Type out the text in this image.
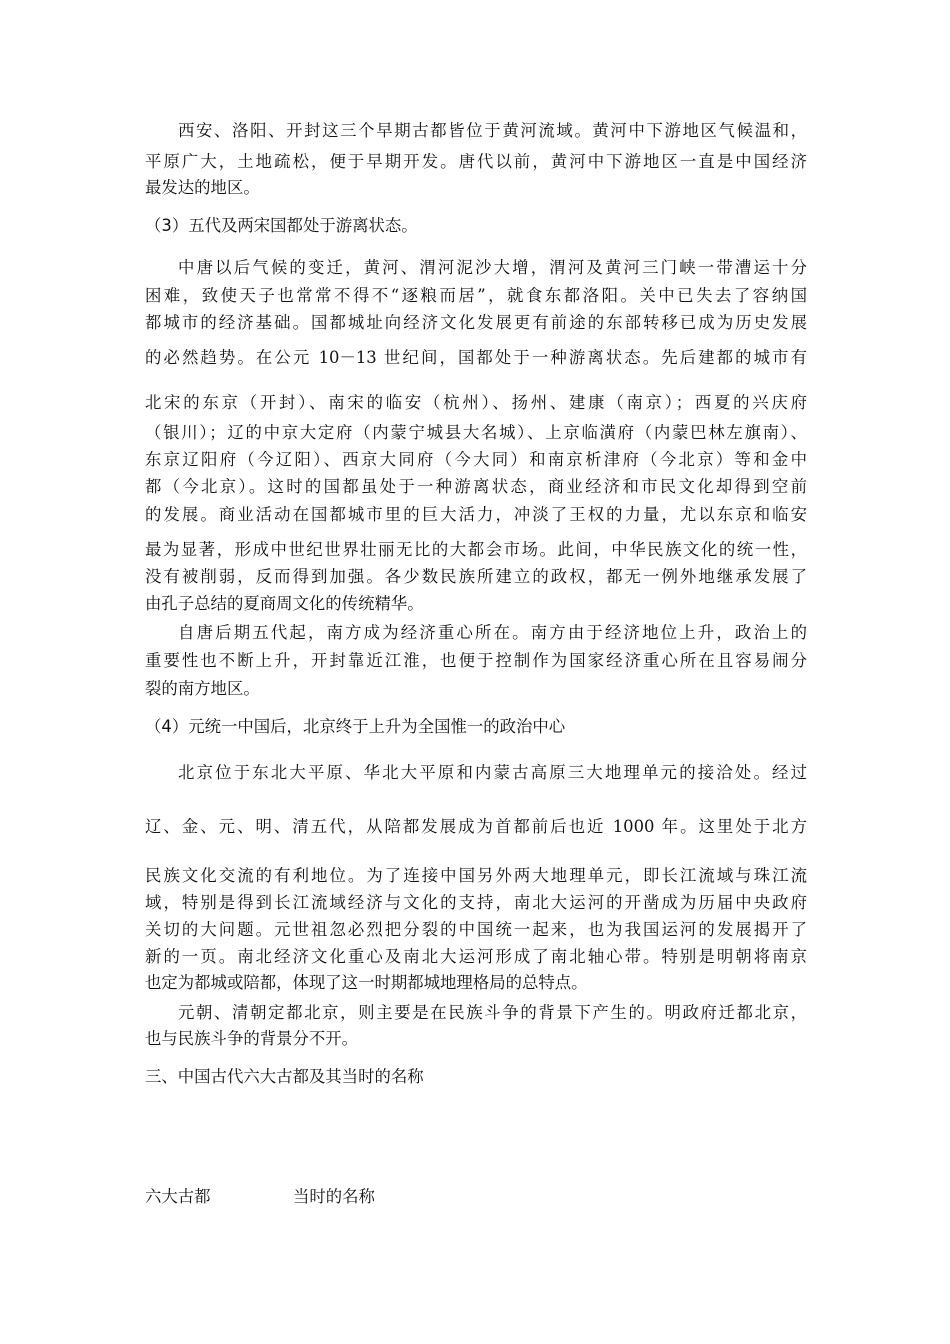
西安、洛阳、开封这三个早期古都皆位于黄河流域。黄河中下游地区气候温和，
平原广大，土地疏松，便于早期开发。唐代以前，黄河中下游地区一直是中国经济
最发达的地区。
（3）五代及两宋国都处于游离状态。
中唐以后气候的变迁，黄河、渭河泥沙大增，渭河及黄河三门峡一带漕运十分
困难，致使天子也常常不得不“逐粮而居”，就食东都洛阳。关中已失去了容纳国
都城市的经济基础。国都城址向经济文化发展更有前途的东部转移已成为历史发展
的必然趋势。在公元 10－13 世纪间，国都处于一种游离状态。先后建都的城市有
北宋的东京（开封）、南宋的临安（杭州）、扬州、建康（南京）；西夏的兴庆府
（银川）；辽的中京大定府（内蒙宁城县大名城）、上京临潢府（内蒙巴林左旗南）、
东京辽阳府（今辽阳）、西京大同府（今大同）和南京析津府（今北京）等和金中
都（今北京）。这时的国都虽处于一种游离状态，商业经济和市民文化却得到空前
的发展。商业活动在国都城市里的巨大活力，冲淡了王权的力量，尤以东京和临安
最为显著，形成中世纪世界壮丽无比的大都会市场。此间，中华民族文化的统一性，
没有被削弱，反而得到加强。各少数民族所建立的政权，都无一例外地继承发展了
由孔子总结的夏商周文化的传统精华。
自唐后期五代起，南方成为经济重心所在。南方由于经济地位上升，政治上的
重要性也不断上升，开封靠近江淮，也便于控制作为国家经济重心所在且容易闹分
裂的南方地区。
（4）元统一中国后，北京终于上升为全国惟一的政治中心
北京位于东北大平原、华北大平原和内蒙古高原三大地理单元的接洽处。经过
辽、金、元、明、清五代，从陪都发展成为首都前后也近 1000 年。这里处于北方
民族文化交流的有利地位。为了连接中国另外两大地理单元，即长江流域与珠江流
域，特别是得到长江流域经济与文化的支持，南北大运河的开凿成为历届中央政府
关切的大问题。元世祖忽必烈把分裂的中国统一起来，也为我国运河的发展揭开了
新的一页。南北经济文化重心及南北大运河形成了南北轴心带。特别是明朝将南京
也定为都城或陪都，体现了这一时期都城地理格局的总特点。
元朝、清朝定都北京，则主要是在民族斗争的背景下产生的。明政府迁都北京，
也与民族斗争的背景分不开。
三、中国古代六大古都及其当时的名称
六大古都	当时的名称
